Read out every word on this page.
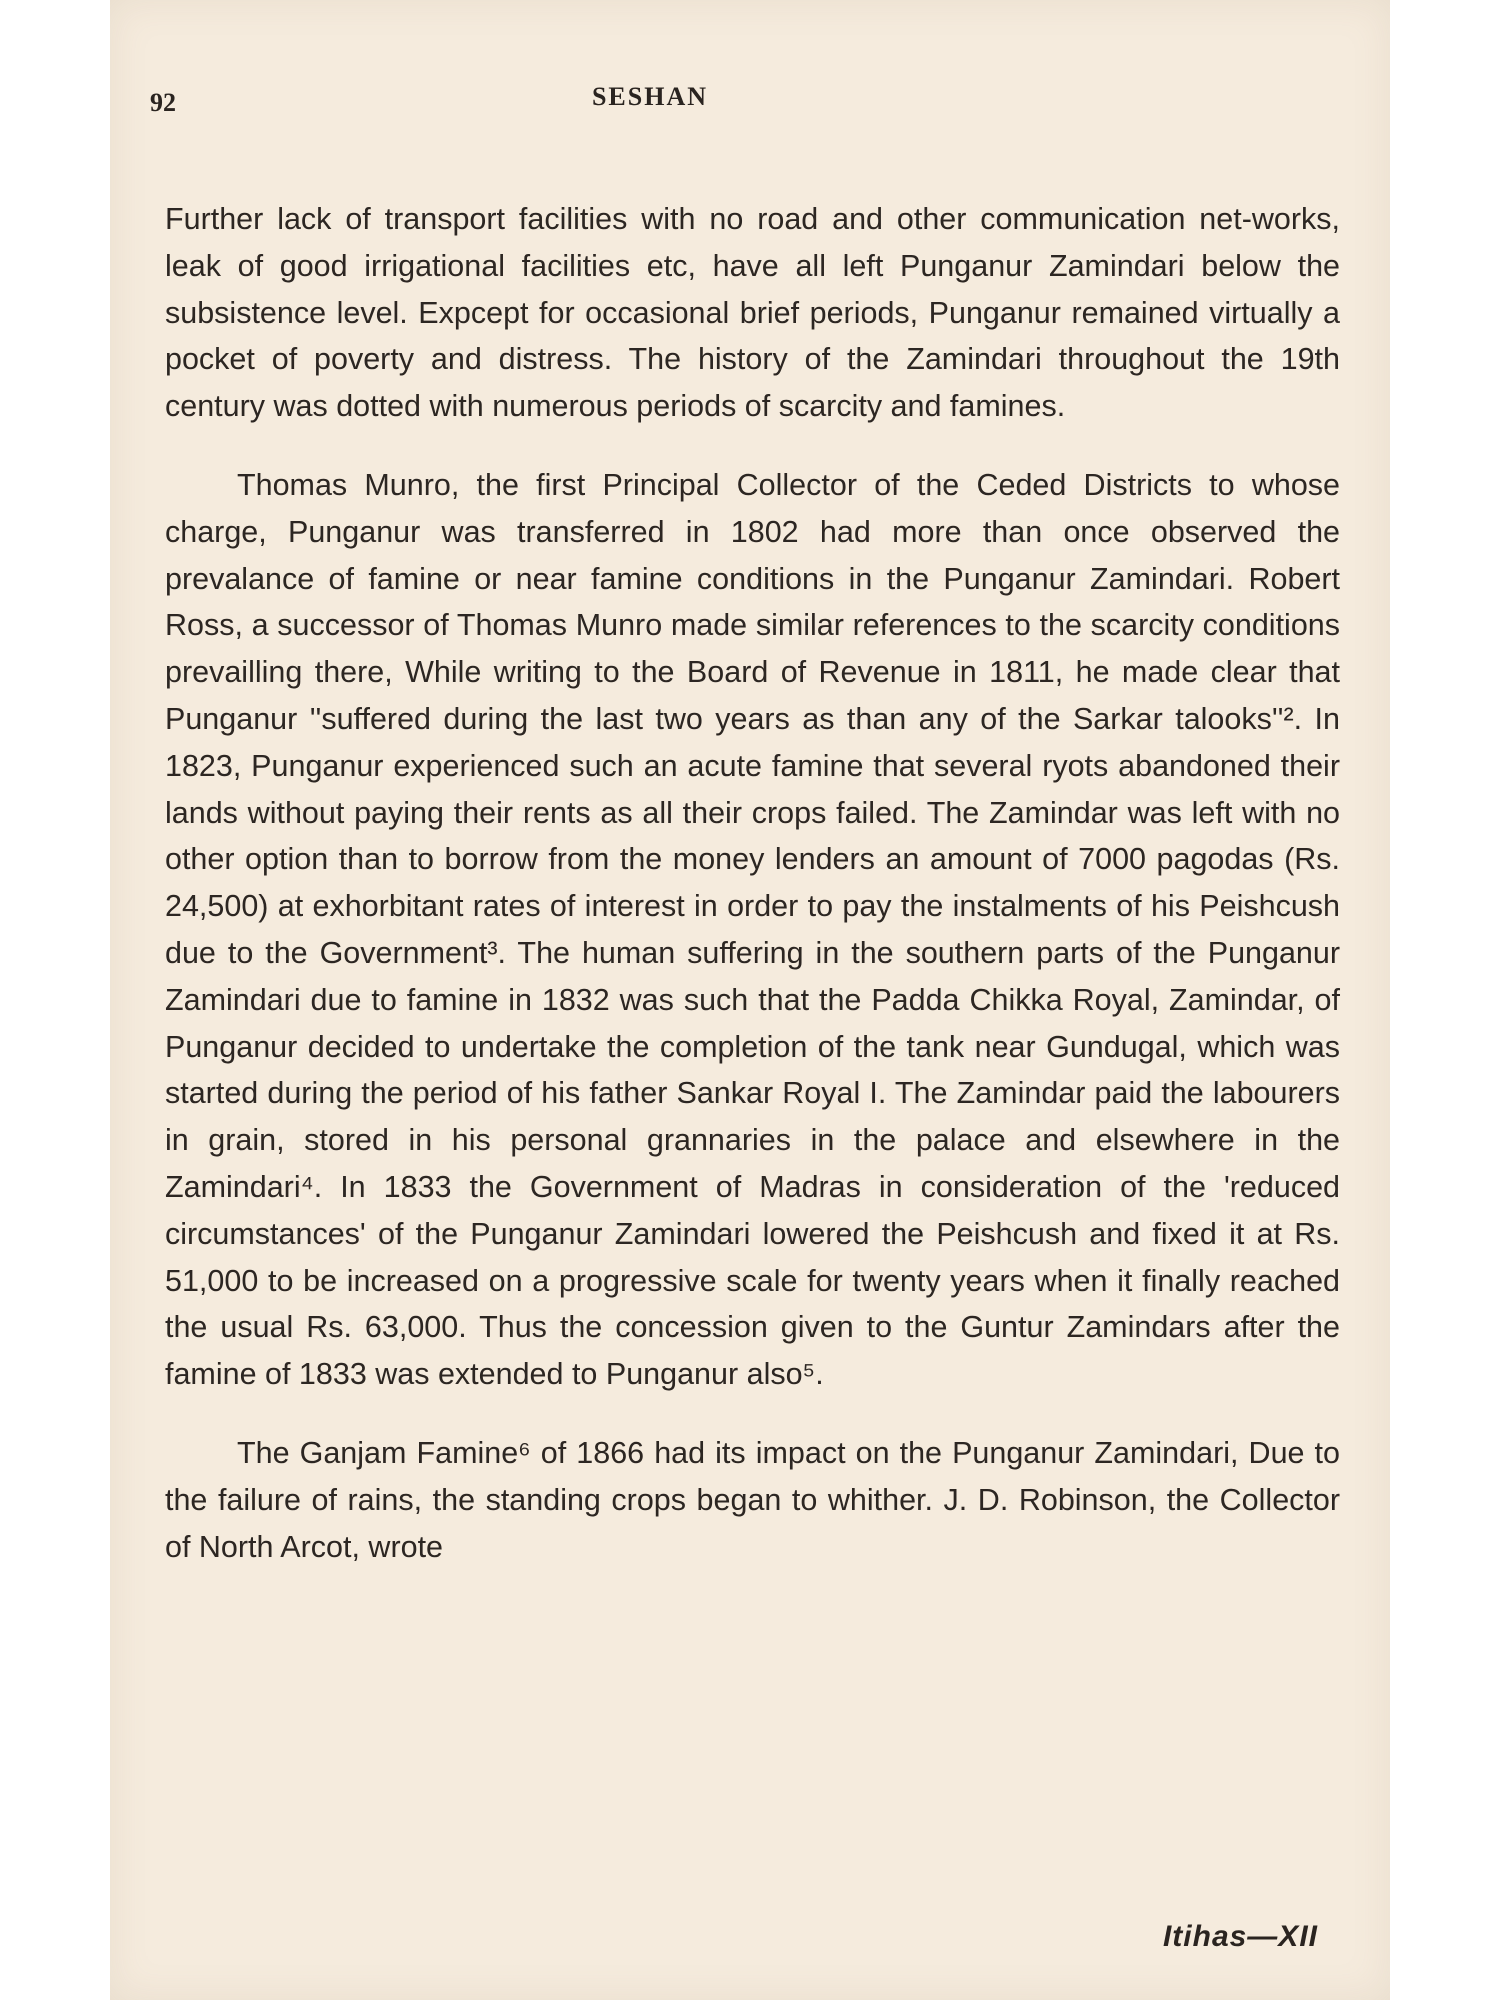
92	SESHAN

Further lack of transport facilities with no road and other communication net-works, leak of good irrigational facilities etc, have all left Punganur Zamindari below the subsistence level. Expcept for occasional brief periods, Punganur remained virtually a pocket of poverty and distress. The history of the Zamindari throughout the 19th century was dotted with numerous periods of scarcity and famines.

Thomas Munro, the first Principal Collector of the Ceded Districts to whose charge, Punganur was transferred in 1802 had more than once observed the prevalance of famine or near famine conditions in the Punganur Zamindari. Robert Ross, a successor of Thomas Munro made similar references to the scarcity conditions prevailling there, While writing to the Board of Revenue in 1811, he made clear that Punganur ''suffered during the last two years as than any of the Sarkar talooks''². In 1823, Punganur experienced such an acute famine that several ryots abandoned their lands without paying their rents as all their crops failed. The Zamindar was left with no other option than to borrow from the money lenders an amount of 7000 pagodas (Rs. 24,500) at exhorbitant rates of interest in order to pay the instalments of his Peishcush due to the Government³. The human suffering in the southern parts of the Punganur Zamindari due to famine in 1832 was such that the Padda Chikka Royal, Zamindar, of Punganur decided to undertake the completion of the tank near Gundugal, which was started during the period of his father Sankar Royal I. The Zamindar paid the labourers in grain, stored in his personal grannaries in the palace and elsewhere in the Zamindari⁴. In 1833 the Government of Madras in consideration of the 'reduced circumstances' of the Punganur Zamindari lowered the Peishcush and fixed it at Rs. 51,000 to be increased on a progressive scale for twenty years when it finally reached the usual Rs. 63,000. Thus the concession given to the Guntur Zamindars after the famine of 1833 was extended to Punganur also⁵.

The Ganjam Famine⁶ of 1866 had its impact on the Punganur Zamindari, Due to the failure of rains, the standing crops began to whither. J. D. Robinson, the Collector of North Arcot, wrote

Itihas—XII
